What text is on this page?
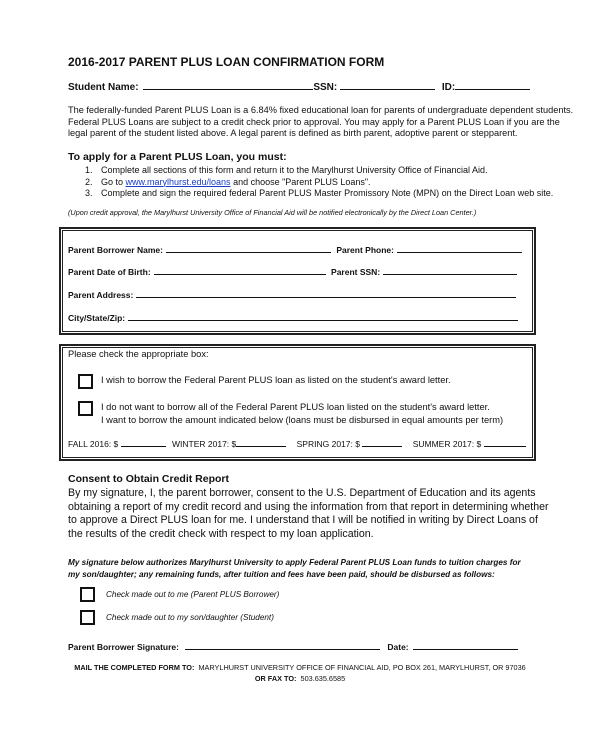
2016-2017 PARENT PLUS LOAN CONFIRMATION FORM
Student Name:	SSN:	ID:
The federally-funded Parent PLUS Loan is a 6.84% fixed educational loan for parents of undergraduate dependent students.
Federal PLUS Loans are subject to a credit check prior to approval. You may apply for a Parent PLUS Loan if you are the
legal parent of the student listed above. A legal parent is defined as birth parent, adoptive parent or stepparent.
To apply for a Parent PLUS Loan, you must:
1. Complete all sections of this form and return it to the Marylhurst University Office of Financial Aid.
2. Go to www.marylhurst.edu/loans and choose "Parent PLUS Loans".
3. Complete and sign the required federal Parent PLUS Master Promissory Note (MPN) on the Direct Loan web site.
(Upon credit approval, the Marylhurst University Office of Financial Aid will be notified electronically by the Direct Loan Center.)
Parent Borrower Name:	Parent Phone:
Parent Date of Birth:	Parent SSN:
Parent Address:
City/State/Zip:
Please check the appropriate box:
I wish to borrow the Federal Parent PLUS loan as listed on the student's award letter.
I do not want to borrow all of the Federal Parent PLUS loan listed on the student's award letter.
I want to borrow the amount indicated below (loans must be disbursed in equal amounts per term)
FALL 2016: $	WINTER 2017: $	SPRING 2017: $	SUMMER 2017: $
Consent to Obtain Credit Report
By my signature, I, the parent borrower, consent to the U.S. Department of Education and its agents
obtaining a report of my credit record and using the information from that report in determining whether
to approve a Direct PLUS loan for me. I understand that I will be notified in writing by Direct Loans of
the results of the credit check with respect to my loan application.
My signature below authorizes Marylhurst University to apply Federal Parent PLUS Loan funds to tuition charges for
my son/daughter; any remaining funds, after tuition and fees have been paid, should be disbursed as follows:
Check made out to me (Parent PLUS Borrower)
Check made out to my son/daughter (Student)
Parent Borrower Signature:	Date:
MAIL THE COMPLETED FORM TO: MARYLHURST UNIVERSITY OFFICE OF FINANCIAL AID, PO BOX 261, MARYLHURST, OR 97036
OR FAX TO: 503.635.6585
